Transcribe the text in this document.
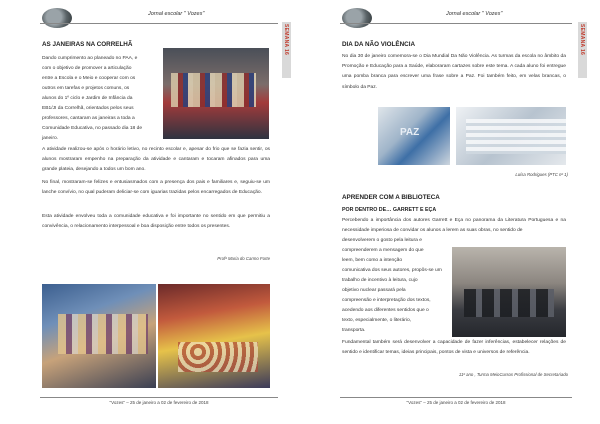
Jornal escolar " Vozes"
SEMANA 16
AS JANEIRAS NA CORRELHÃ

Dando cumprimento ao planeado no PAA, e

com o objetivo de promover a articulação

entre a Escola e o Meio e cooperar com os

outros em tarefas e projetos comuns, os

alunos do 1º ciclo e Jardim de Infância da

EB1/JI da Correlhã, orientados pelos seus

professores, cantaram as janeiras a toda a

Comunidade Educativa, no passado dia 18 de

janeiro.

A atividade realizou-se após o horário letivo, no recinto escolar e, apesar do frio que se fazia sentir, os alunos mostraram empenho na preparação da atividade e cantaram e tocaram afinados para uma grande plateia, desejando a todos um bom ano.

No final, mostraram-se felizes e entusiasmados com a presença dos pais e familiares e, seguiu-se um lanche convívio, no qual puderam deliciar-se com iguarias trazidas pelos encarregados de Educação.

Esta atividade envolveu toda a comunidade educativa e foi importante no sentido em que permitiu a convivência, o relacionamento interpessoal e boa disposição entre todos os presentes.

Profª Maria do Carmo Forte
"Vozes" – 25 de janeiro a 02 de fevereiro de 2018
Jornal escolar " Vozes"
SEMANA 16
DIA DA NÃO VIOLÊNCIA

No dia 30 de janeiro comemora-se o Dia Mundial Da Não Violência. As turmas da escola no âmbito da Promoção e Educação para a Saúde, elaboraram cartazes sobre este tema. A cada aluno foi entregue uma pomba branca para escrever uma frase sobre a Paz. Foi também feito, em velas brancas, o símbolo da Paz.

PAZ
Luísa Rodrigues (PTC nº 1)
APRENDER COM A BIBLIOTECA
POR DENTRO DE… GARRETT E EÇA

Percebendo a importância dos autores Garrett e Eça no panorama da Literatura Portuguesa e na necessidade imperiosa de convidar os alunos a lerem as suas obras, no sentido de

desenvolverem o gosto pela leitura e

compreenderem a mensagem do que

leem, bem como a intenção

comunicativa dos seus autores, propôs-se um

trabalho de incentivo à leitura, cujo

objetivo nuclear passará pela

compreensão e interpretação dos textos,

acedendo aos diferentes sentidos que o

texto, especialmente, o literário,

transporta.

Fundamental também será desenvolver a capacidade de fazer inferências, estabelecer relações de sentido e identificar temas, ideias principais, pontos de vista e universos de referência.

11º ano , Turma MeioCursos Profissional de Secretariado
"Vozes" – 25 de janeiro a 02 de fevereiro de 2018
